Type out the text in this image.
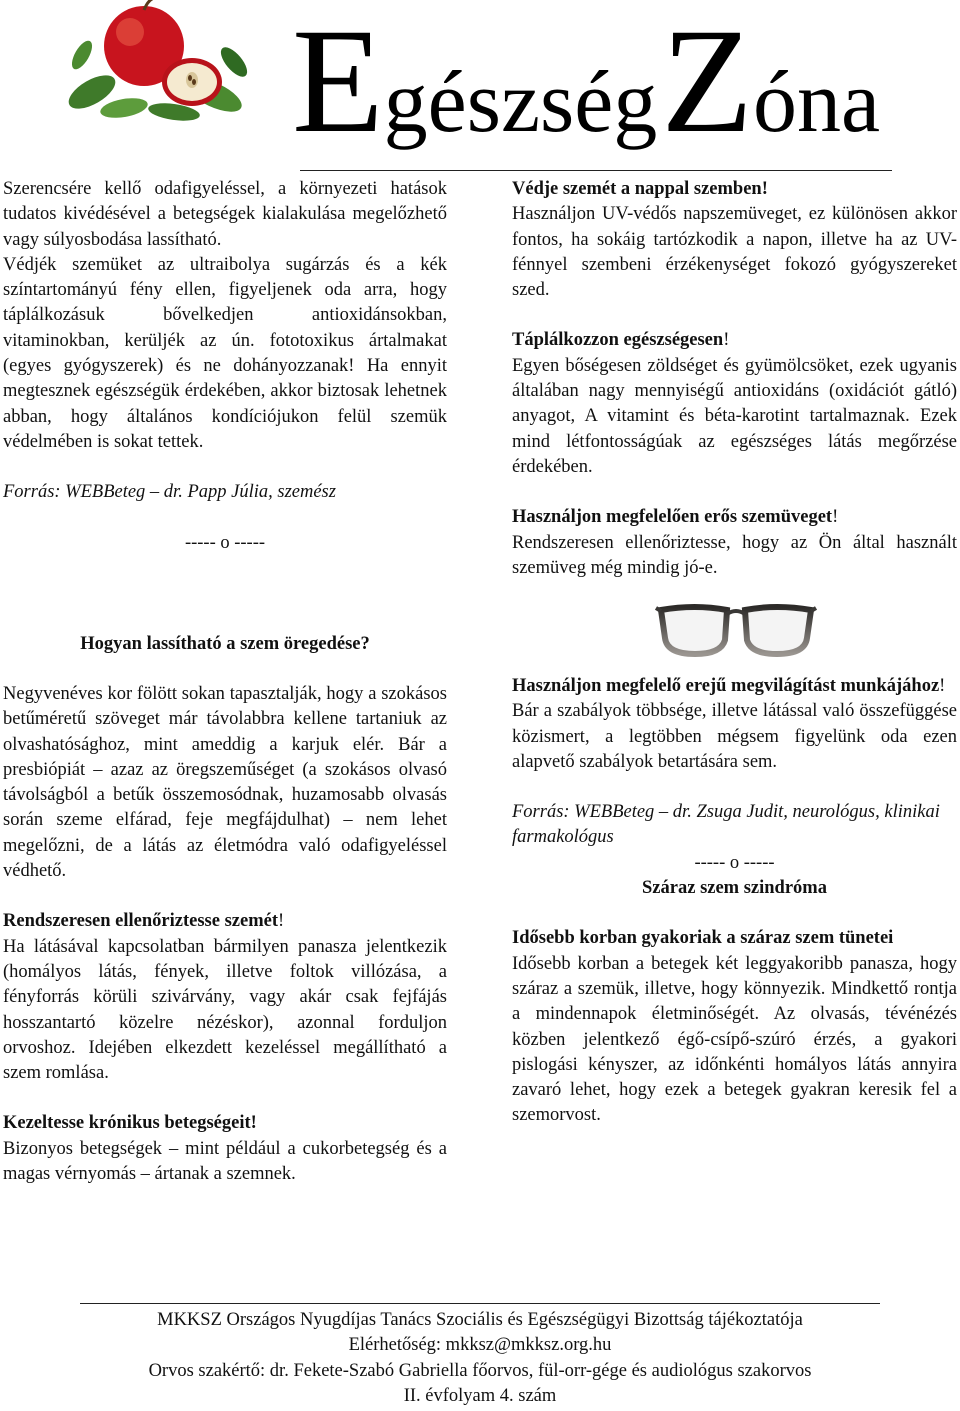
Egészség Zóna

Szerencsére kellő odafigyeléssel, a környezeti hatások tudatos kivédésével a betegségek kialakulása megelőzhető vagy súlyosbodása lassítható.

Védjék szemüket az ultraibolya sugárzás és a kék színtartományú fény ellen, figyeljenek oda arra, hogy táplálkozásuk bővelkedjen antioxidánsokban, vitaminokban, kerüljék az ún. fototoxikus ártalmakat (egyes gyógyszerek) és ne dohányozzanak! Ha ennyit megtesznek egészségük érdekében, akkor biztosak lehetnek abban, hogy általános kondíciójukon felül szemük védelmében is sokat tettek.

Forrás: WEBBeteg – dr. Papp Júlia, szemész

----- o -----

Hogyan lassítható a szem öregedése?

Negyvenéves kor fölött sokan tapasztalják, hogy a szokásos betűméretű szöveget már távolabbra kellene tartaniuk az olvashatósághoz, mint ameddig a karjuk elér. Bár a presbiópiát – azaz az öregszeműséget (a szokásos olvasó távolságból a betűk összemosódnak, huzamosabb olvasás során szeme elfárad, feje megfájdulhat) – nem lehet megelőzni, de a látás az életmódra való odafigyeléssel védhető.

Rendszeresen ellenőriztesse szemét!

Ha látásával kapcsolatban bármilyen panasza jelentkezik (homályos látás, fények, illetve foltok villózása, a fényforrás körüli szivárvány, vagy akár csak fejfájás hosszantartó közelre nézéskor), azonnal forduljon orvoshoz. Idejében elkezdett kezeléssel megállítható a szem romlása.

Kezeltesse krónikus betegségeit!

Bizonyos betegségek – mint például a cukorbetegség és a magas vérnyomás – ártanak a szemnek.

Védje szemét a nappal szemben!

Használjon UV-védős napszemüveget, ez különösen akkor fontos, ha sokáig tartózkodik a napon, illetve ha az UV-fénnyel szembeni érzékenységet fokozó gyógyszereket szed.

Táplálkozzon egészségesen!

Egyen bőségesen zöldséget és gyümölcsöket, ezek ugyanis általában nagy mennyiségű antioxidáns (oxidációt gátló) anyagot, A vitamint és béta-karotint tartalmaznak. Ezek mind létfontosságúak az egészséges látás megőrzése érdekében.

Használjon megfelelően erős szemüveget!

Rendszeresen ellenőriztesse, hogy az Ön által használt szemüveg még mindig jó-e.

Használjon megfelelő erejű megvilágítást munkájához!

Bár a szabályok többsége, illetve látással való összefüggése közismert, a legtöbben mégsem figyelünk oda ezen alapvető szabályok betartására sem.

Forrás: WEBBeteg – dr. Zsuga Judit, neurológus, klinikai farmakológus

----- o -----

Száraz szem szindróma

Idősebb korban gyakoriak a száraz szem tünetei

Idősebb korban a betegek két leggyakoribb panasza, hogy száraz a szemük, illetve, hogy könnyezik. Mindkettő rontja a mindennapok életminőségét. Az olvasás, tévénézés közben jelentkező égő-csípő-szúró érzés, a gyakori pislogási kényszer, az időnkénti homályos látás annyira zavaró lehet, hogy ezek a betegek gyakran keresik fel a szemorvost.

MKKSZ Országos Nyugdíjas Tanács Szociális és Egészségügyi Bizottság tájékoztatója

Elérhetőség: mkksz@mkksz.org.hu

Orvos szakértő: dr. Fekete-Szabó Gabriella főorvos, fül-orr-gége és audiológus szakorvos

II. évfolyam 4. szám
